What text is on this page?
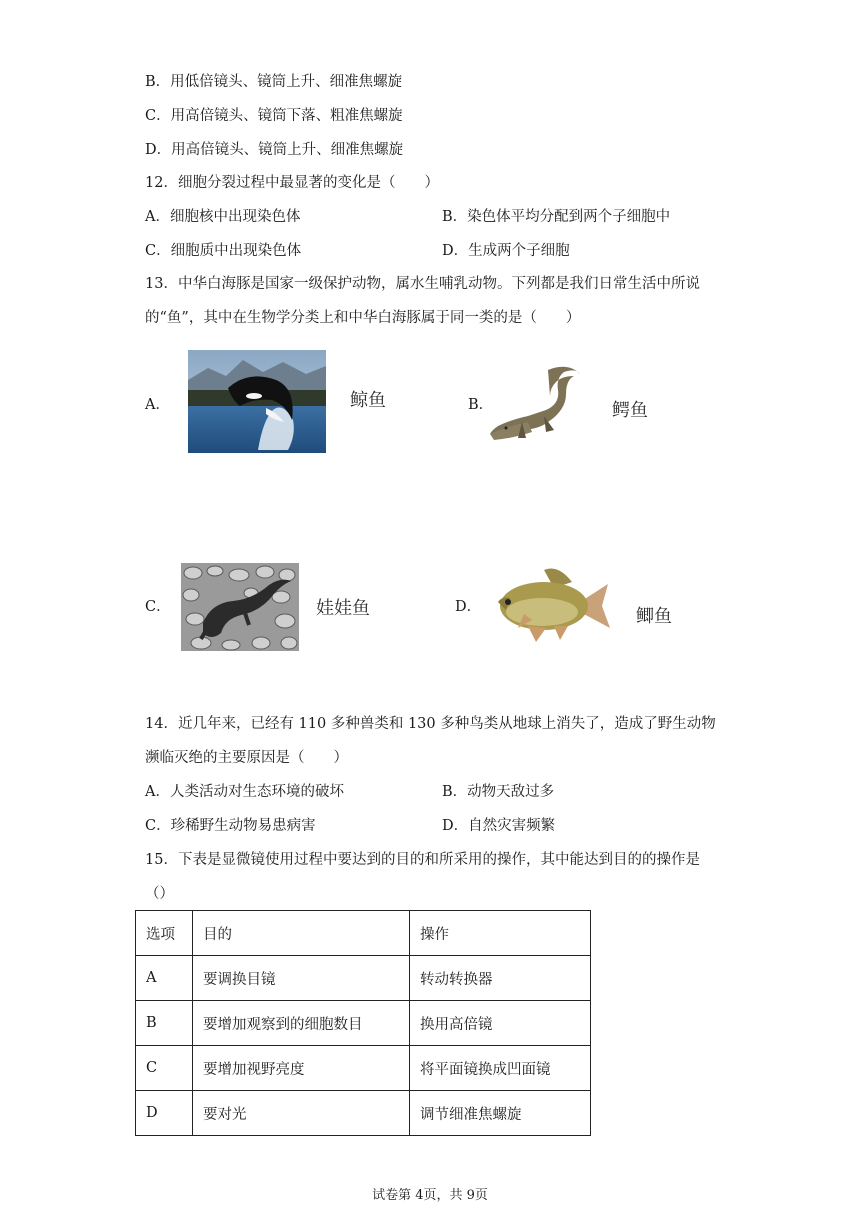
B．用低倍镜头、镜筒上升、细准焦螺旋
C．用高倍镜头、镜筒下落、粗准焦螺旋
D．用高倍镜头、镜筒上升、细准焦螺旋
12．细胞分裂过程中最显著的变化是（　　）
A．细胞核中出现染色体	B．染色体平均分配到两个子细胞中
C．细胞质中出现染色体	D．生成两个子细胞
13．中华白海豚是国家一级保护动物，属水生哺乳动物。下列都是我们日常生活中所说
的“鱼”，其中在生物学分类上和中华白海豚属于同一类的是（　　）
A．	鲸鱼	B．	鳄鱼
C．	娃娃鱼	D．	鲫鱼
14．近几年来，已经有 110 多种兽类和 130 多种鸟类从地球上消失了，造成了野生动物
濒临灭绝的主要原因是（　　）
A．人类活动对生态环境的破坏	B．动物天敌过多
C．珍稀野生动物易患病害	D．自然灾害频繁
15．下表是显微镜使用过程中要达到的目的和所采用的操作，其中能达到目的的操作是
（）
选项	目的	操作
A	要调换目镜	转动转换器
B	要增加观察到的细胞数目	换用高倍镜
C	要增加视野亮度	将平面镜换成凹面镜
D	要对光	调节细准焦螺旋
试卷第 4页，共 9页
